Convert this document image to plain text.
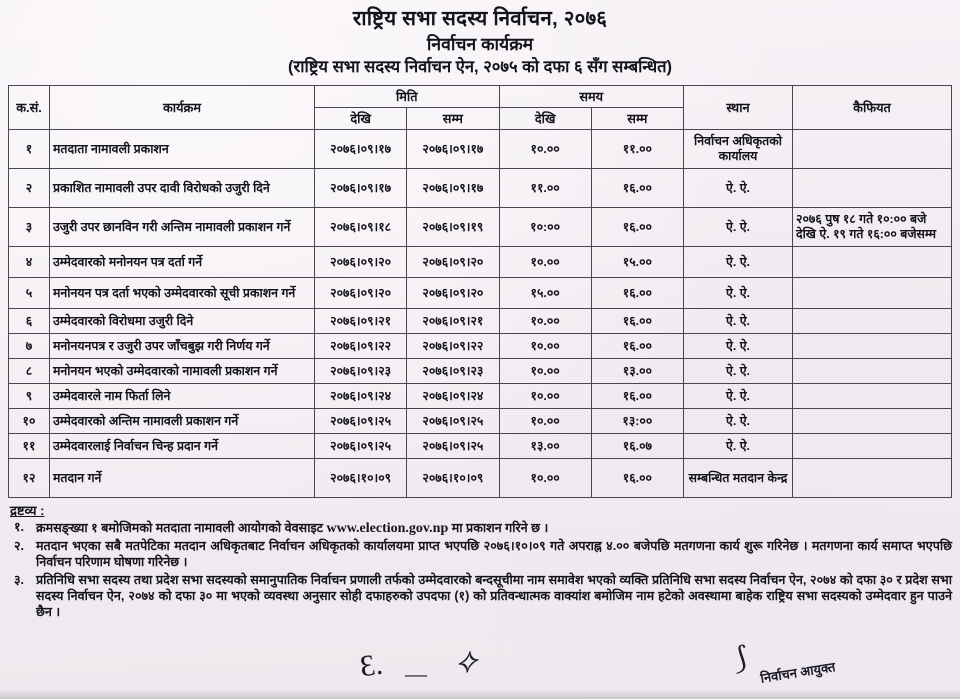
राष्ट्रिय सभा सदस्य निर्वाचन, २०७६
निर्वाचन कार्यक्रम
(राष्ट्रिय सभा सदस्य निर्वाचन ऐन, २०७५ को दफा ६ सँग सम्बन्धित)
क.सं.	कार्यक्रम	मिति		समय		स्थान	कैफियत
		देखि	सम्म	देखि	सम्म		
१	मतदाता नामावली प्रकाशन	२०७६।०९।१७	२०७६।०९।१७	१०.००	११.००	निर्वाचन अधिकृतको कार्यालय	
२	प्रकाशित नामावली उपर दावी विरोधको उजुरी दिने	२०७६।०९।१७	२०७६।०९।१७	११.००	१६.००	ऐ. ऐ.	
३	उजुरी उपर छानविन गरी अन्तिम नामावली प्रकाशन गर्ने	२०७६।०९।१८	२०७६।०९।१९	१०:००	१६.००	ऐ. ऐ.	२०७६ पुष १८ गते १०:०० बजे देखि ऐ. १९ गते १६:०० बजेसम्म
४	उम्मेदवारको मनोनयन पत्र दर्ता गर्ने	२०७६।०९।२०	२०७६।०९।२०	१०.००	१५.००	ऐ. ऐ.	
५	मनोनयन पत्र दर्ता भएको उम्मेदवारको सूची प्रकाशन गर्ने	२०७६।०९।२०	२०७६।०९।२०	१५.००	१६.००	ऐ. ऐ.	
६	उम्मेदवारको विरोधमा उजुरी दिने	२०७६।०९।२१	२०७६।०९।२१	१०.००	१६.००	ऐ. ऐ.	
७	मनोनयनपत्र र उजुरी उपर जाँचबुझ गरी निर्णय गर्ने	२०७६।०९।२२	२०७६।०९।२२	१०.००	१६.००	ऐ. ऐ.	
८	मनोनयन भएको उम्मेदवारको नामावली प्रकाशन गर्ने	२०७६।०९।२३	२०७६।०९।२३	१०.००	१३.००	ऐ. ऐ.	
९	उम्मेदवारले नाम फिर्ता लिने	२०७६।०९।२४	२०७६।०९।२४	१०.००	१६.००	ऐ. ऐ.	
१०	उम्मेदवारको अन्तिम नामावली प्रकाशन गर्ने	२०७६।०९।२५	२०७६।०९।२५	१०.००	१३:००	ऐ. ऐ.	
११	उम्मेदवारलाई निर्वाचन चिन्ह प्रदान गर्ने	२०७६।०९।२५	२०७६।०९।२५	१३.००	१६.०७	ऐ. ऐ.	
१२	मतदान गर्ने	२०७६।१०।०९	२०७६।१०।०९	१०.००	१६.००	सम्बन्धित मतदान केन्द्र	
द्रष्टव्य :
१. क्रमसङ्ख्या १ बमोजिमको मतदाता नामावली आयोगको वेवसाइट www.election.gov.np मा प्रकाशन गरिने छ ।
२. मतदान भएका सबै मतपेटिका मतदान अधिकृतबाट निर्वाचन अधिकृतको कार्यालयमा प्राप्त भएपछि २०७६।१०।०९ गते अपराह्न ४.०० बजेपछि मतगणना कार्य शुरू गरिनेछ । मतगणना कार्य समाप्त भएपछि निर्वाचन परिणाम घोषणा गरिनेछ ।
३. प्रतिनिधि सभा सदस्य तथा प्रदेश सभा सदस्यको समानुपातिक निर्वाचन प्रणाली तर्फको उम्मेदवारको बन्दसूचीमा नाम समावेश भएको व्यक्ति प्रतिनिधि सभा सदस्य निर्वाचन ऐन, २०७४ को दफा ३० र प्रदेश सभा सदस्य निर्वाचन ऐन, २०७४ को दफा ३० मा भएको व्यवस्था अनुसार सोही दफाहरुको उपदफा (१) को प्रतिवन्धात्मक वाक्यांश बमोजिम नाम हटेको अवस्थामा बाहेक राष्ट्रिय सभा सदस्यको उम्मेदवार हुन पाउने छैन ।
Ɛ. — ⟡	⟆ निर्वाचन आयुक्त
